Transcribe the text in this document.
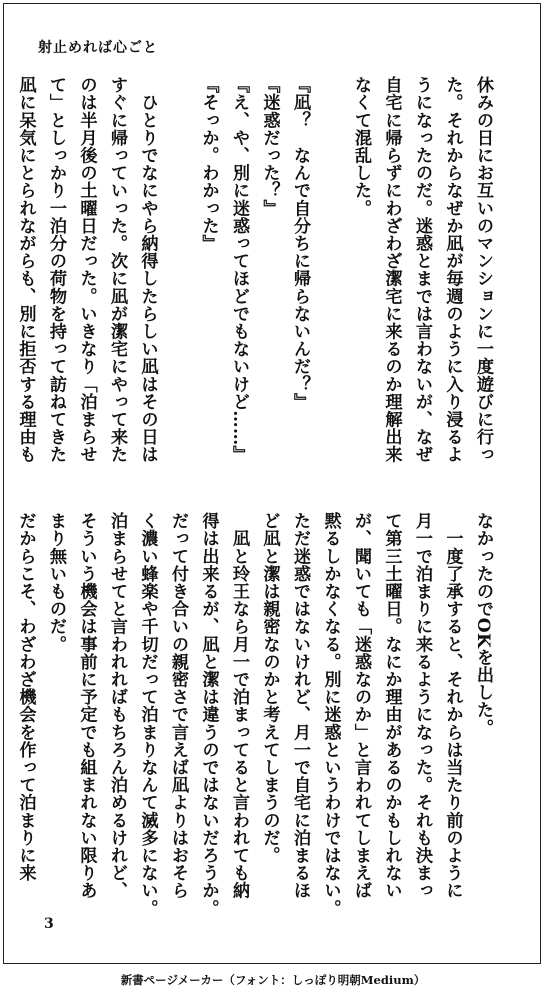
射止めれば心ごと
休みの日にお互いのマンションに一度遊びに行っ
た。それからなぜか凪が毎週のように入り浸るよ
うになったのだ。迷惑とまでは言わないが、なぜ
自宅に帰らずにわざわざ潔宅に来るのか理解出来
なくて混乱した。

『凪？　なんで自分ちに帰らないんだ？』
『迷惑だった？』
『え、や、別に迷惑ってほどでもないけど……』
『そっか。わかった』

　ひとりでなにやら納得したらしい凪はその日は
すぐに帰っていった。次に凪が潔宅にやって来た
のは半月後の土曜日だった。いきなり「泊まらせ
て」としっかり一泊分の荷物を持って訪ねてきた
凪に呆気にとられながらも、別に拒否する理由も
なかったのでOKを出した。
　一度了承すると、それからは当たり前のように
月一で泊まりに来るようになった。それも決まっ
て第三土曜日。なにか理由があるのかもしれない
が、聞いても「迷惑なのか」と言われてしまえば
黙るしかなくなる。別に迷惑というわけではない。
ただ迷惑ではないけれど、月一で自宅に泊まるほ
ど凪と潔は親密なのかと考えてしまうのだ。
　凪と玲王なら月一で泊まってると言われても納
得は出来るが、凪と潔は違うのではないだろうか。
だって付き合いの親密さで言えば凪よりはおそら
く濃い蜂楽や千切だって泊まりなんて滅多にない。
泊まらせてと言われればもちろん泊めるけれど、
そういう機会は事前に予定でも組まれない限りあ
まり無いものだ。
だからこそ、わざわざ機会を作って泊まりに来
3
新書ページメーカー（フォント：しっぽり明朝Medium）
